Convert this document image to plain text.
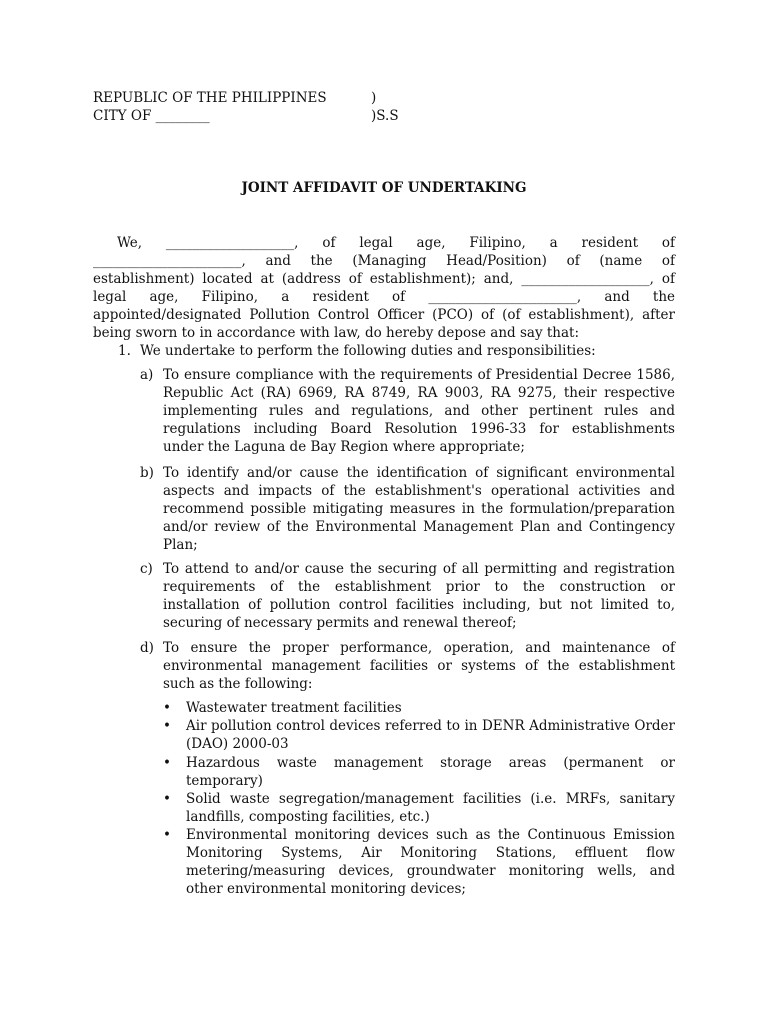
REPUBLIC OF THE PHILIPPINES	)
CITY OF ________	)S.S
JOINT AFFIDAVIT OF UNDERTAKING
We, ___________________, of legal age, Filipino, a resident of
______________________, and the (Managing Head/Position) of (name of
establishment) located at (address of establishment); and, ___________________, of
legal age, Filipino, a resident of ______________________, and the
appointed/designated Pollution Control Officer (PCO) of (of establishment), after
being sworn to in accordance with law, do hereby depose and say that:
1. We undertake to perform the following duties and responsibilities:
a) To ensure compliance with the requirements of Presidential Decree 1586,
Republic Act (RA) 6969, RA 8749, RA 9003, RA 9275, their respective
implementing rules and regulations, and other pertinent rules and
regulations including Board Resolution 1996-33 for establishments
under the Laguna de Bay Region where appropriate;
b) To identify and/or cause the identification of significant environmental
aspects and impacts of the establishment's operational activities and
recommend possible mitigating measures in the formulation/preparation
and/or review of the Environmental Management Plan and Contingency
Plan;
c) To attend to and/or cause the securing of all permitting and registration
requirements of the establishment prior to the construction or
installation of pollution control facilities including, but not limited to,
securing of necessary permits and renewal thereof;
d) To ensure the proper performance, operation, and maintenance of
environmental management facilities or systems of the establishment
such as the following:
• Wastewater treatment facilities
• Air pollution control devices referred to in DENR Administrative Order
(DAO) 2000-03
• Hazardous waste management storage areas (permanent or
temporary)
• Solid waste segregation/management facilities (i.e. MRFs, sanitary
landfills, composting facilities, etc.)
• Environmental monitoring devices such as the Continuous Emission
Monitoring Systems, Air Monitoring Stations, effluent flow
metering/measuring devices, groundwater monitoring wells, and
other environmental monitoring devices;
